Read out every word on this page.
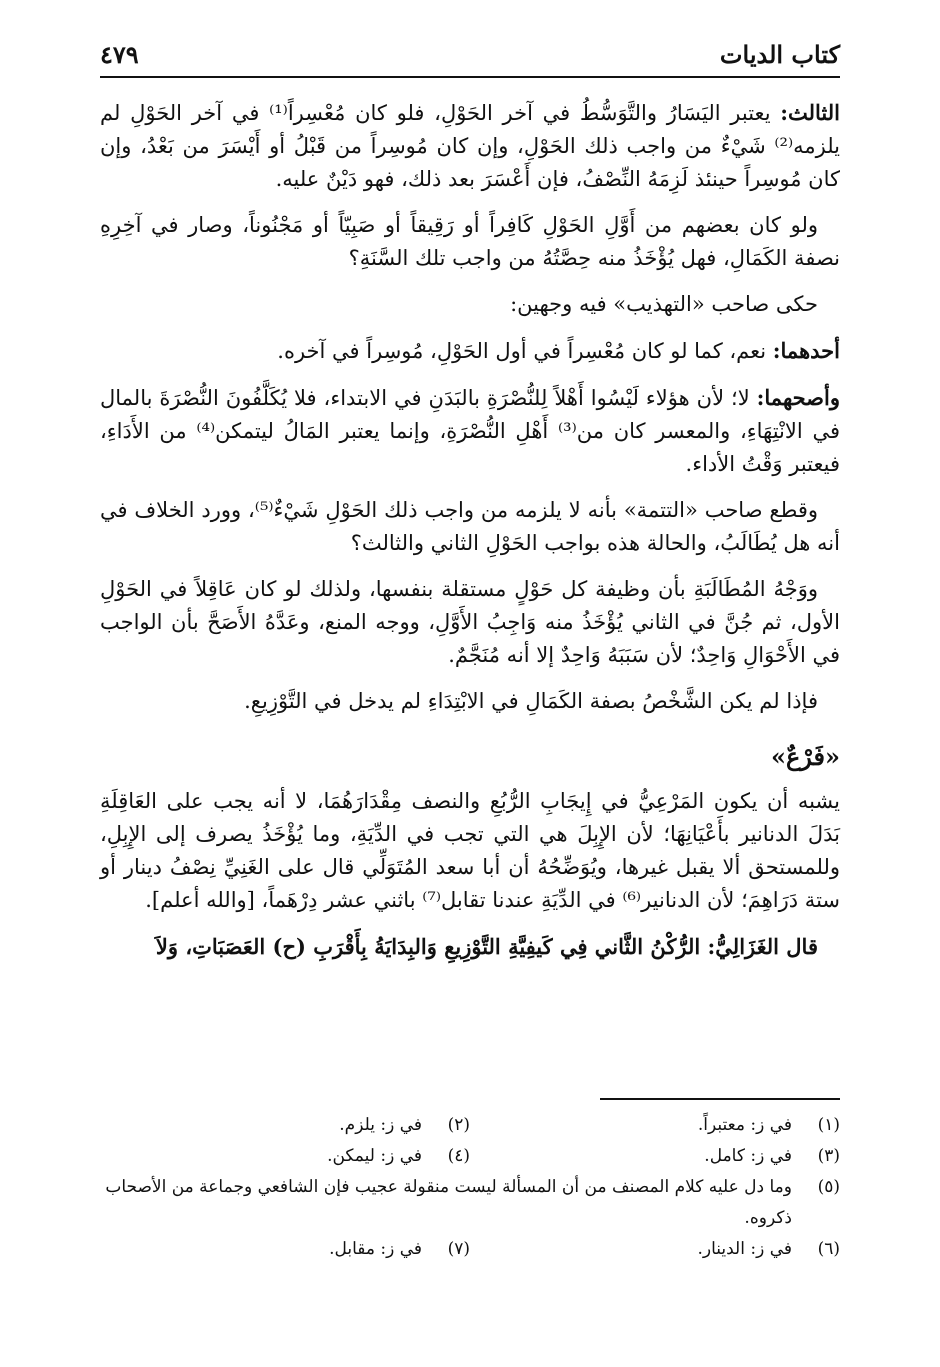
كتاب الديات
٤٧٩

الثالث: يعتبر اليَسَارُ والتَّوَسُّطُ في آخر الحَوْلِ، فلو كان مُعْسِراً⁽¹⁾ في آخر الحَوْلِ لم يلزمه⁽²⁾ شَيْءٌ من واجب ذلك الحَوْلِ، وإن كان مُوسِراً من قَبْلُ أو أَيْسَرَ من بَعْدُ، وإن كان مُوسِراً حينئذ لَزِمَهُ النِّصْفُ، فإن أَعْسَرَ بعد ذلك، فهو دَيْنٌ عليه.

ولو كان بعضهم من أَوَّلِ الحَوْلِ كَافِراً أو رَقِيقاً أو صَبِيّاً أو مَجْنُوناً، وصار في آخِرِهِ نصفة الكَمَالِ، فهل يُؤْخَذُ منه حِصَّتُهُ من واجب تلك السَّنَةِ؟

حكى صاحب «التهذيب» فيه وجهين:

أحدهما: نعم، كما لو كان مُعْسِراً في أول الحَوْلِ، مُوسِراً في آخره.

وأصحهما: لا؛ لأن هؤلاء لَيْسُوا أَهْلاً لِلنُّصْرَةِ بالبَدَنِ في الابتداء، فلا يُكَلَّفُونَ النُّصْرَةَ بالمال في الانْتِهَاءِ، والمعسر كان من⁽³⁾ أَهْلِ النُّصْرَةِ، وإنما يعتبر المَالُ ليتمكن⁽⁴⁾ من الأَدَاءِ، فيعتبر وَقْتُ الأداء.

وقطع صاحب «التتمة» بأنه لا يلزمه من واجب ذلك الحَوْلِ شَيْءٌ⁽⁵⁾، وورد الخلاف في أنه هل يُطَالَبُ، والحالة هذه بواجب الحَوْلِ الثاني والثالث؟

ووَجْهُ المُطَالَبَةِ بأن وظيفة كل حَوْلٍ مستقلة بنفسها، ولذلك لو كان عَاقِلاً في الحَوْلِ الأول، ثم جُنَّ في الثاني يُؤْخَذُ منه وَاجِبُ الأَوَّلِ، ووجه المنع، وعَدَّهُ الأَصَحَّ بأن الواجب في الأَحْوَالِ وَاحِدٌ؛ لأن سَبَبَهُ وَاحِدٌ إلا أنه مُنَجَّمٌ.

فإذا لم يكن الشَّخْصُ بصفة الكَمَالِ في الابْتِدَاءِ لم يدخل في التَّوْزِيعِ.

«فَرْعٌ»

يشبه أن يكون المَرْعِيُّ في إِيجَابِ الرُّبُعِ والنصف مِقْدَارَهُمَا، لا أنه يجب على العَاقِلَةِ بَدَلَ الدنانير بأَعْيَانِهَا؛ لأن الإِبِلَ هي التي تجب في الدِّيَةِ، وما يُؤْخَذُ يصرف إلى الإِبِلِ، وللمستحق ألا يقبل غيرها، ويُوَضِّحُهُ أن أبا سعد المُتَوَلِّي قال على الغَنِيِّ نِصْفُ دينار أو ستة دَرَاهِمَ؛ لأن الدنانير⁽⁶⁾ في الدِّيَةِ عندنا تقابل⁽⁷⁾ باثني عشر دِرْهَماً، [والله أعلم].

قال الغَزَالِيُّ: الرُّكْنُ الثَّاني فِي كَيفِيَّةِ التَّوْزِيعِ وَالبِدَايَةُ بِأَقْرَبِ (ح) العَصَبَاتِ، وَلاَ

(١)
في ز: معتبراً.
(٢)
في ز: يلزم.
(٣)
في ز: كامل.
(٤)
في ز: ليمكن.
(٥)
وما دل عليه كلام المصنف من أن المسألة ليست منقولة عجيب فإن الشافعي وجماعة من الأصحاب ذكروه.
(٦)
في ز: الدينار.
(٧)
في ز: مقابل.
